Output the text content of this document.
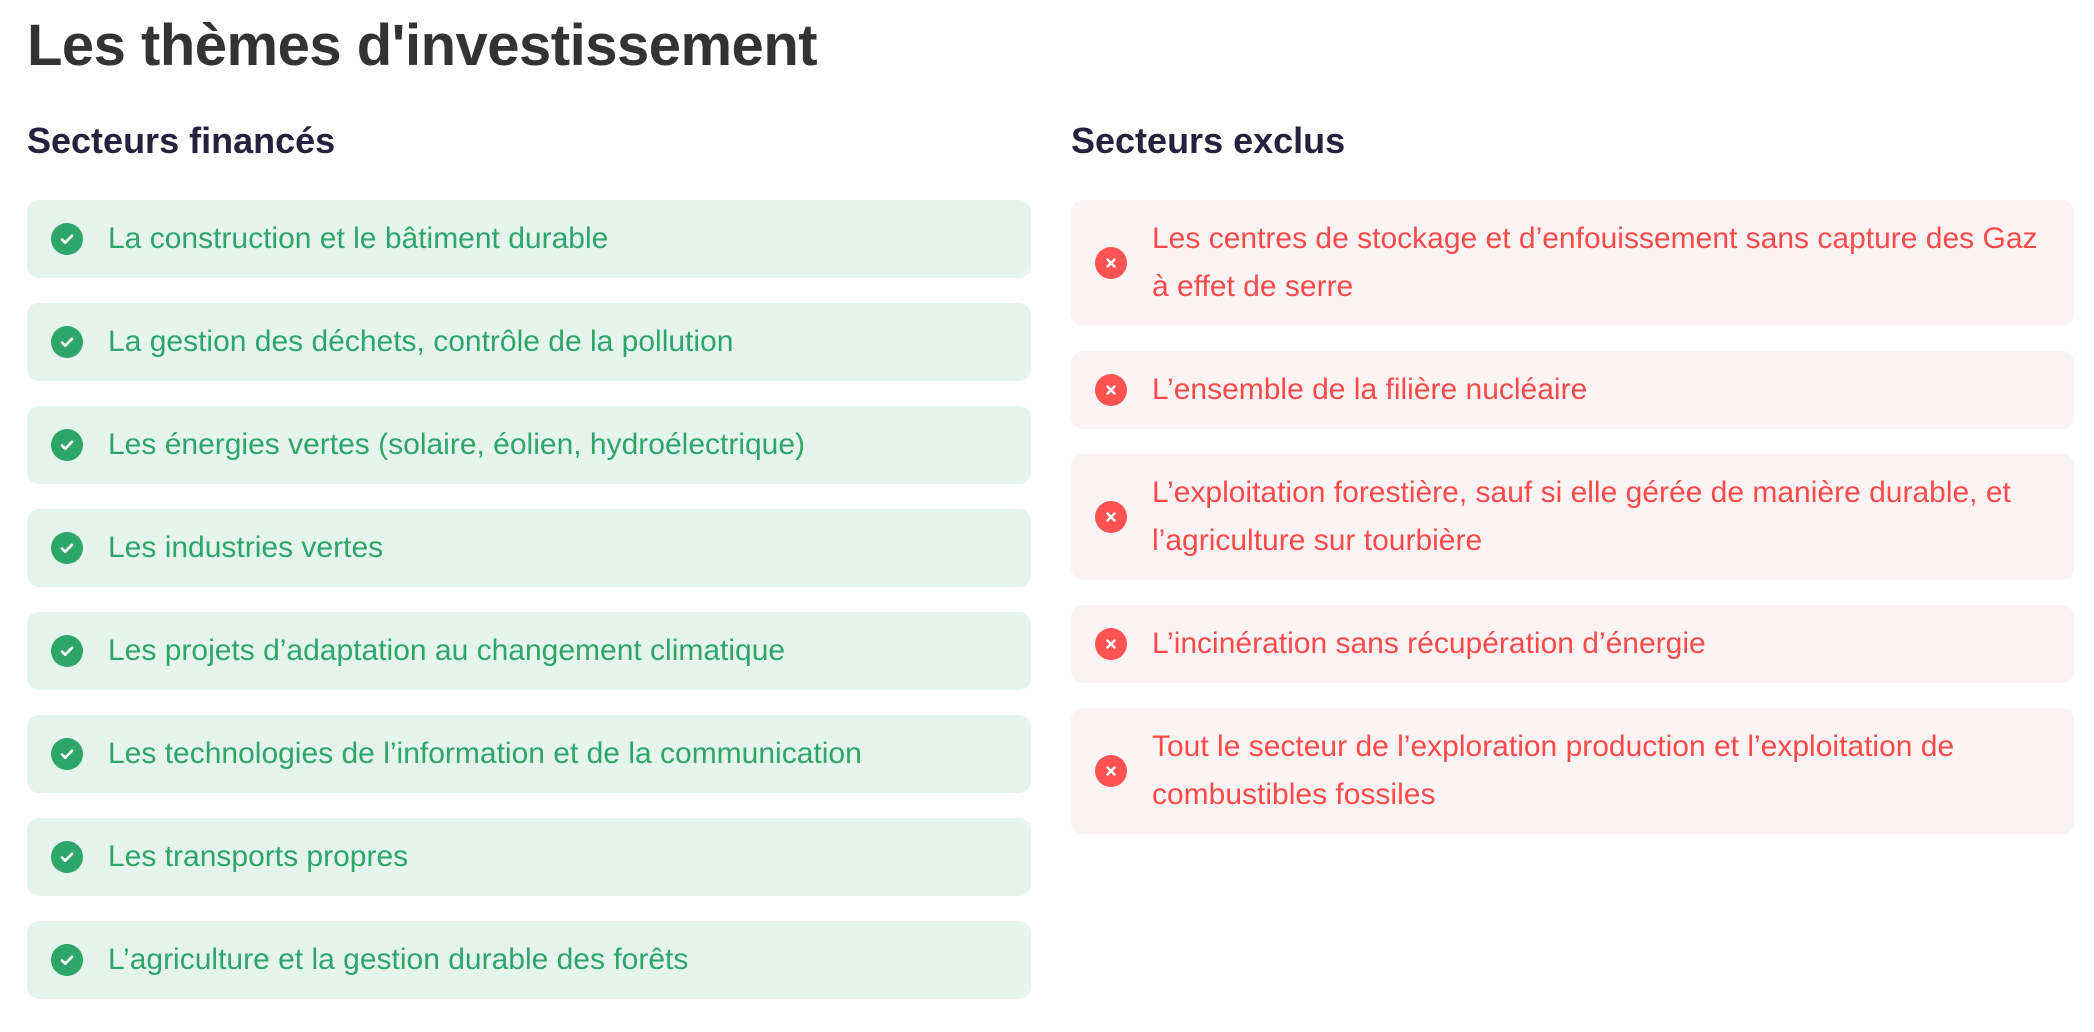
Les thèmes d'investissement
Secteurs financés
La construction et le bâtiment durable
La gestion des déchets, contrôle de la pollution
Les énergies vertes (solaire, éolien, hydroélectrique)
Les industries vertes
Les projets d’adaptation au changement climatique
Les technologies de l’information et de la communication
Les transports propres
L’agriculture et la gestion durable des forêts
Secteurs exclus
Les centres de stockage et d’enfouissement sans capture des Gaz à effet de serre
L’ensemble de la filière nucléaire
L’exploitation forestière, sauf si elle gérée de manière durable, et l’agriculture sur tourbière
L’incinération sans récupération d’énergie
Tout le secteur de l’exploration production et l’exploitation de combustibles fossiles
